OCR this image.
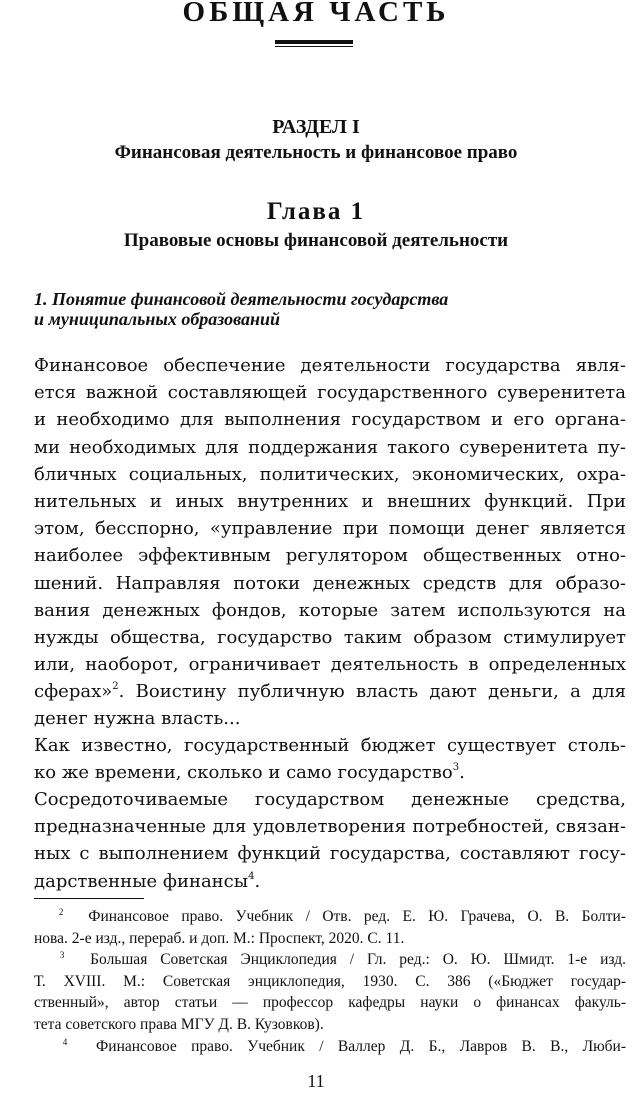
ОБЩАЯ ЧАСТЬ
РАЗДЕЛ I
Финансовая деятельность и финансовое право
Глава 1
Правовые основы финансовой деятельности
1. Понятие финансовой деятельности государства
и муниципальных образований
Финансовое обеспечение деятельности государства явля-
ется важной составляющей государственного суверенитета
и необходимо для выполнения государством и его органа-
ми необходимых для поддержания такого суверенитета пу-
бличных социальных, политических, экономических, охра-
нительных и иных внутренних и внешних функций. При
этом, бесспорно, «управление при помощи денег является
наиболее эффективным регулятором общественных отно-
шений. Направляя потоки денежных средств для образо-
вания денежных фондов, которые затем используются на
нужды общества, государство таким образом стимулирует
или, наоборот, ограничивает деятельность в определенных
сферах»$^2$. Воистину публичную власть дают деньги, а для
денег нужна власть...
Как известно, государственный бюджет существует столь-
ко же времени, сколько и само государство$^3$.
Сосредоточиваемые государством денежные средства,
предназначенные для удовлетворения потребностей, связан-
ных с выполнением функций государства, составляют госу-
дарственные финансы$^4$.
$^2$ Финансовое право. Учебник / Отв. ред. Е. Ю. Грачева, О. В. Болти-
нова. 2-е изд., перераб. и доп. М.: Проспект, 2020. С. 11.
$^3$ Большая Советская Энциклопедия / Гл. ред.: О. Ю. Шмидт. 1-е изд.
Т. XVIII. М.: Советская энциклопедия, 1930. С. 386 («Бюджет государ-
ственный», автор статьи — профессор кафедры науки о финансах факуль-
тета советского права МГУ Д. В. Кузовков).
$^4$ Финансовое право. Учебник / Валлер Д. Б., Лавров В. В., Люби-
11
